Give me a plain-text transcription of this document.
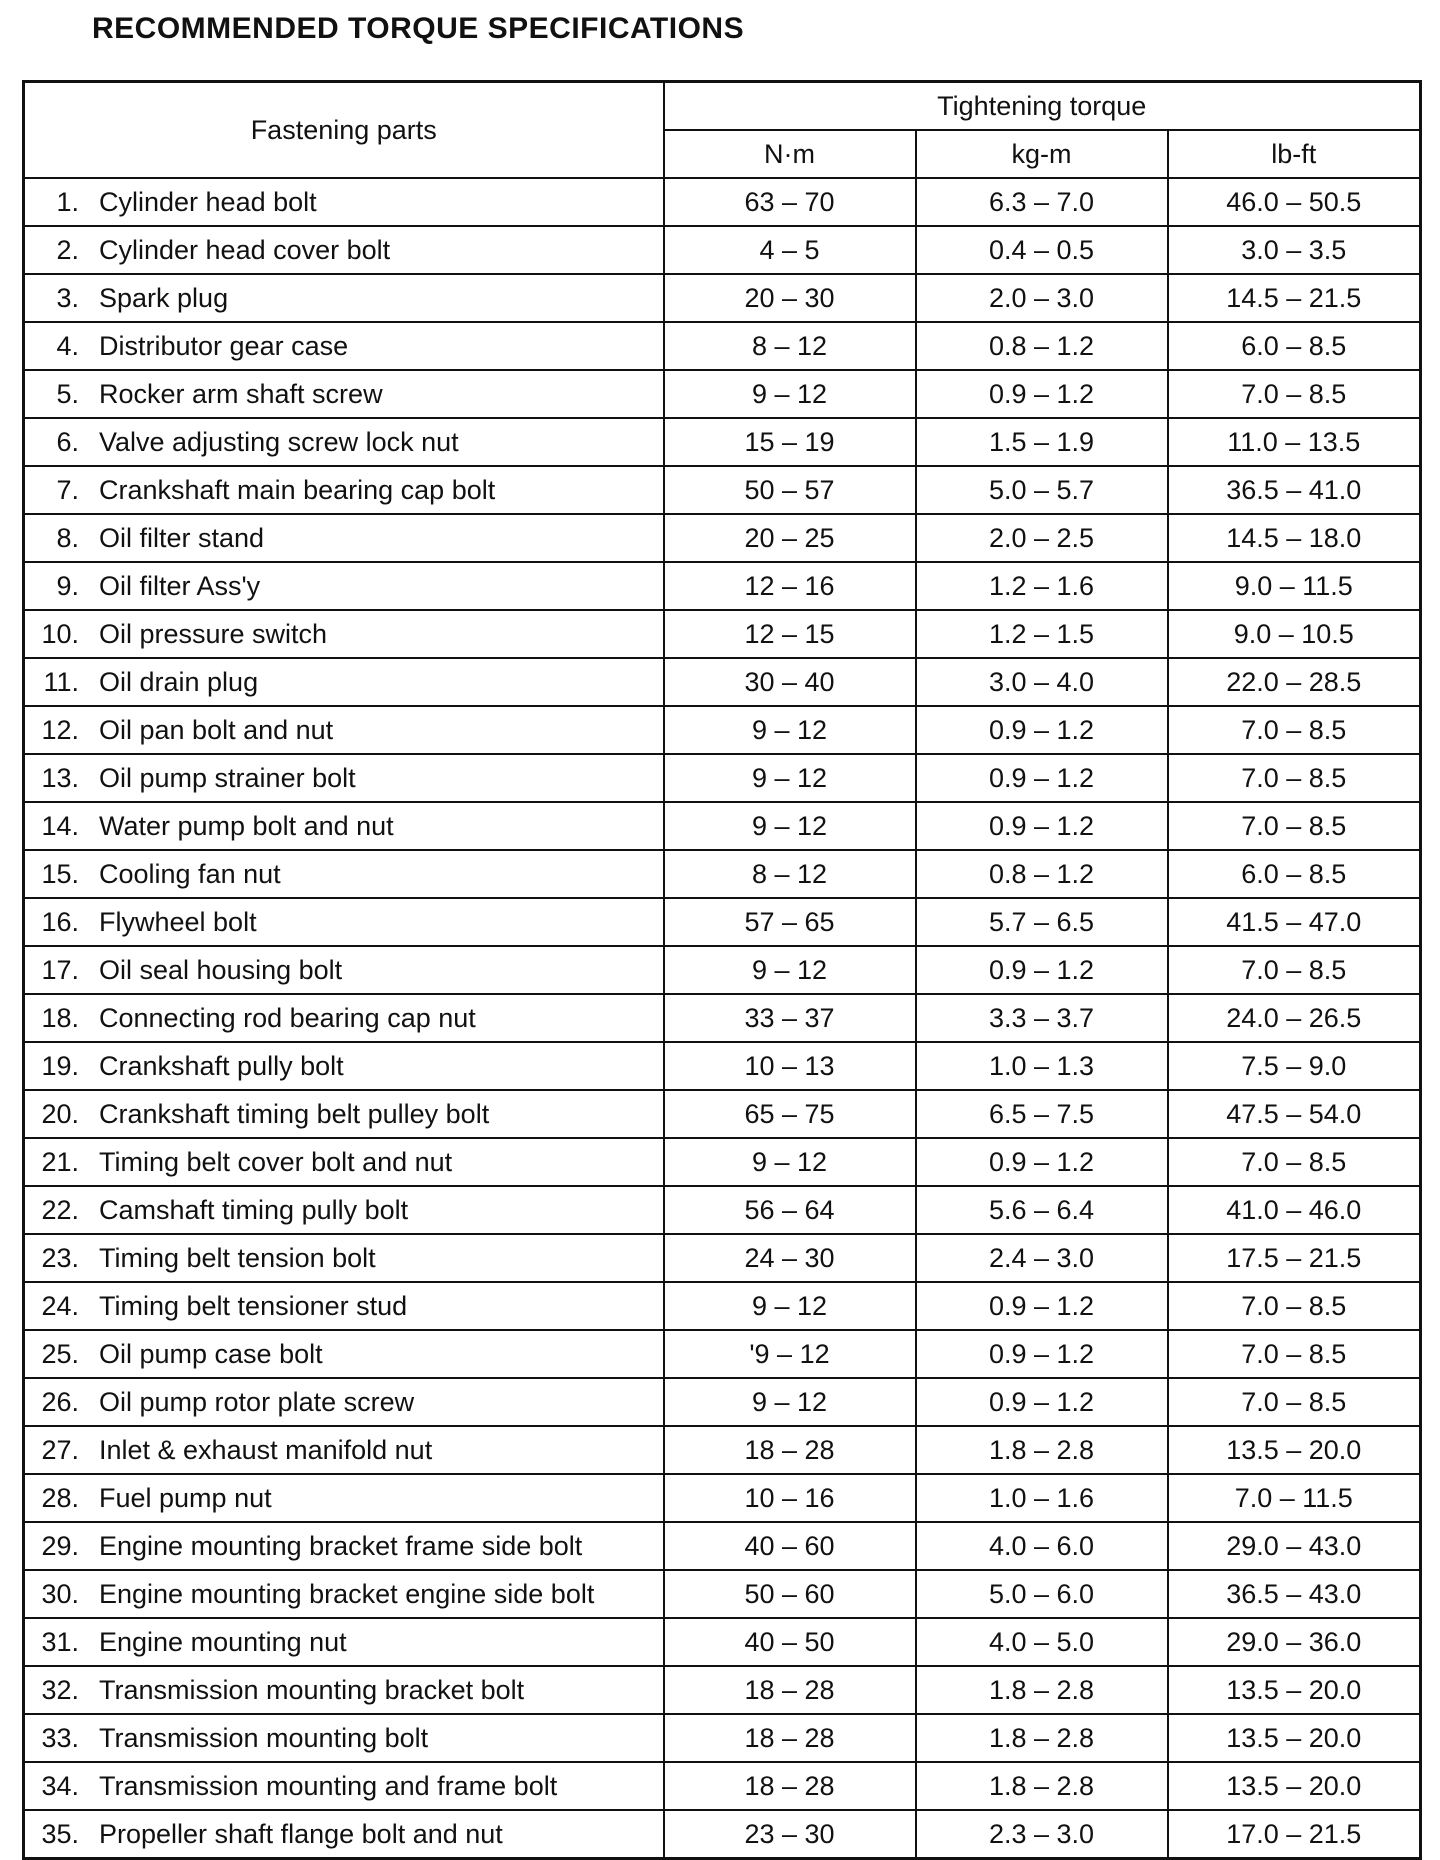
RECOMMENDED TORQUE SPECIFICATIONS
Fastening parts	Tightening torque		
	N·m	kg-m	lb-ft
1. Cylinder head bolt	63 – 70	6.3 – 7.0	46.0 – 50.5
2. Cylinder head cover bolt	4 – 5	0.4 – 0.5	3.0 – 3.5
3. Spark plug	20 – 30	2.0 – 3.0	14.5 – 21.5
4. Distributor gear case	8 – 12	0.8 – 1.2	6.0 – 8.5
5. Rocker arm shaft screw	9 – 12	0.9 – 1.2	7.0 – 8.5
6. Valve adjusting screw lock nut	15 – 19	1.5 – 1.9	11.0 – 13.5
7. Crankshaft main bearing cap bolt	50 – 57	5.0 – 5.7	36.5 – 41.0
8. Oil filter stand	20 – 25	2.0 – 2.5	14.5 – 18.0
9. Oil filter Ass'y	12 – 16	1.2 – 1.6	9.0 – 11.5
10. Oil pressure switch	12 – 15	1.2 – 1.5	9.0 – 10.5
11. Oil drain plug	30 – 40	3.0 – 4.0	22.0 – 28.5
12. Oil pan bolt and nut	9 – 12	0.9 – 1.2	7.0 – 8.5
13. Oil pump strainer bolt	9 – 12	0.9 – 1.2	7.0 – 8.5
14. Water pump bolt and nut	9 – 12	0.9 – 1.2	7.0 – 8.5
15. Cooling fan nut	8 – 12	0.8 – 1.2	6.0 – 8.5
16. Flywheel bolt	57 – 65	5.7 – 6.5	41.5 – 47.0
17. Oil seal housing bolt	9 – 12	0.9 – 1.2	7.0 – 8.5
18. Connecting rod bearing cap nut	33 – 37	3.3 – 3.7	24.0 – 26.5
19. Crankshaft pully bolt	10 – 13	1.0 – 1.3	7.5 – 9.0
20. Crankshaft timing belt pulley bolt	65 – 75	6.5 – 7.5	47.5 – 54.0
21. Timing belt cover bolt and nut	9 – 12	0.9 – 1.2	7.0 – 8.5
22. Camshaft timing pully bolt	56 – 64	5.6 – 6.4	41.0 – 46.0
23. Timing belt tension bolt	24 – 30	2.4 – 3.0	17.5 – 21.5
24. Timing belt tensioner stud	9 – 12	0.9 – 1.2	7.0 – 8.5
25. Oil pump case bolt	'9 – 12	0.9 – 1.2	7.0 – 8.5
26. Oil pump rotor plate screw	9 – 12	0.9 – 1.2	7.0 – 8.5
27. Inlet & exhaust manifold nut	18 – 28	1.8 – 2.8	13.5 – 20.0
28. Fuel pump nut	10 – 16	1.0 – 1.6	7.0 – 11.5
29. Engine mounting bracket frame side bolt	40 – 60	4.0 – 6.0	29.0 – 43.0
30. Engine mounting bracket engine side bolt	50 – 60	5.0 – 6.0	36.5 – 43.0
31. Engine mounting nut	40 – 50	4.0 – 5.0	29.0 – 36.0
32. Transmission mounting bracket bolt	18 – 28	1.8 – 2.8	13.5 – 20.0
33. Transmission mounting bolt	18 – 28	1.8 – 2.8	13.5 – 20.0
34. Transmission mounting and frame bolt	18 – 28	1.8 – 2.8	13.5 – 20.0
35. Propeller shaft flange bolt and nut	23 – 30	2.3 – 3.0	17.0 – 21.5
